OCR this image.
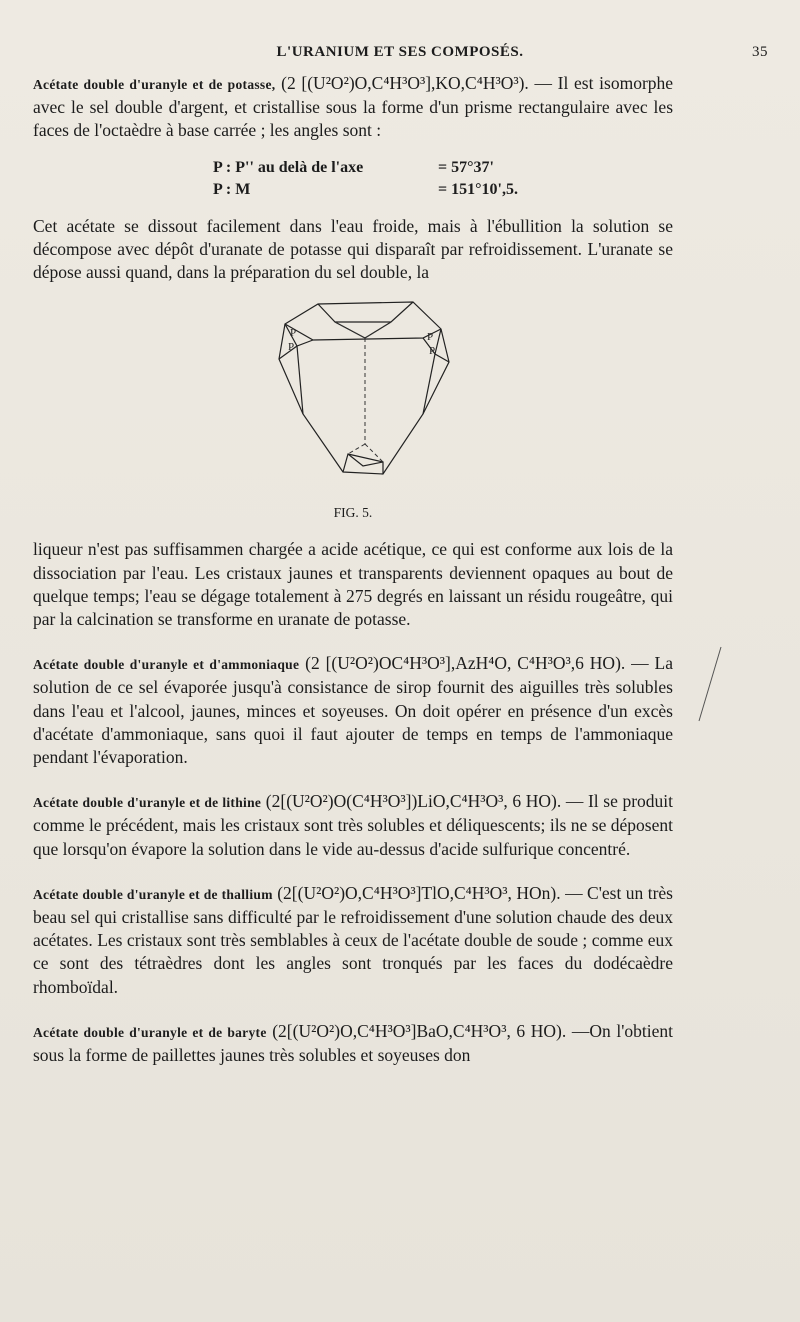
L'URANIUM ET SES COMPOSÉS.	35

Acétate double d'uranyle et de potasse, (2 [(U²O²)O,C⁴H³O³],KO,C⁴H³O³). — Il est isomorphe avec le sel double d'argent, et cristallise sous la forme d'un prisme rectangulaire avec les faces de l'octaèdre à base carrée ; les angles sont :

P : P'' au delà de l'axe	= 57°37'
P : M	= 151°10',5.

Cet acétate se dissout facilement dans l'eau froide, mais à l'ébullition la solution se décompose avec dépôt d'uranate de potasse qui disparaît par refroidissement. L'uranate se dépose aussi quand, dans la préparation du sel double, la

P
P
P
P
FIG. 5.

liqueur n'est pas suffisammen chargée a acide acétique, ce qui est conforme aux lois de la dissociation par l'eau. Les cristaux jaunes et transparents deviennent opaques au bout de quelque temps; l'eau se dégage totalement à 275 degrés en laissant un résidu rougeâtre, qui par la calcination se transforme en uranate de potasse.

Acétate double d'uranyle et d'ammoniaque (2 [(U²O²)OC⁴H³O³],AzH⁴O, C⁴H³O³,6 HO). — La solution de ce sel évaporée jusqu'à consistance de sirop fournit des aiguilles très solubles dans l'eau et l'alcool, jaunes, minces et soyeuses. On doit opérer en présence d'un excès d'acétate d'ammoniaque, sans quoi il faut ajouter de temps en temps de l'ammoniaque pendant l'évaporation.

Acétate double d'uranyle et de lithine (2[(U²O²)O(C⁴H³O³])LiO,C⁴H³O³, 6 HO). — Il se produit comme le précédent, mais les cristaux sont très solubles et déliquescents; ils ne se déposent que lorsqu'on évapore la solution dans le vide au-dessus d'acide sulfurique concentré.

Acétate double d'uranyle et de thallium (2[(U²O²)O,C⁴H³O³]TlO,C⁴H³O³, HOn). — C'est un très beau sel qui cristallise sans difficulté par le refroidissement d'une solution chaude des deux acétates. Les cristaux sont très semblables à ceux de l'acétate double de soude ; comme eux ce sont des tétraèdres dont les angles sont tronqués par les faces du dodécaèdre rhomboïdal.

Acétate double d'uranyle et de baryte (2[(U²O²)O,C⁴H³O³]BaO,C⁴H³O³, 6 HO). —On l'obtient sous la forme de paillettes jaunes très solubles et soyeuses don
